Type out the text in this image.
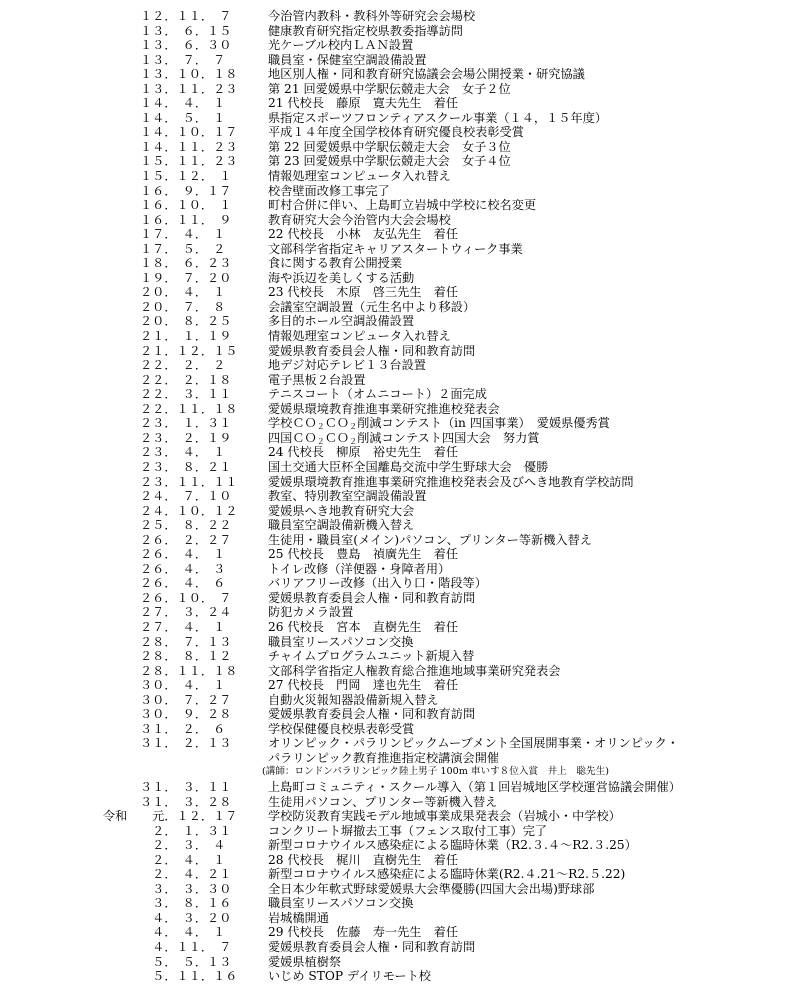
１２．１１．　７	今治管内教科・教科外等研究会会場校
１３．　６．１５	健康教育研究指定校県教委指導訪問
１３．　６．３０	光ケーブル校内ＬＡＮ設置
１３．　７．　７	職員室・保健室空調設備設置
１３．１０．１８	地区別人権・同和教育研究協議会会場公開授業・研究協議
１３．１１．２３	第 21 回愛媛県中学駅伝競走大会　女子２位
１４．　４．　１	21 代校長　藤原　寛夫先生　着任
１４．　５．　１	県指定スポーツフロンティアスクール事業（１４，１５年度）
１４．１０．１７	平成１４年度全国学校体育研究優良校表彰受賞
１４．１１．２３	第 22 回愛媛県中学駅伝競走大会　女子３位
１５．１１．２３	第 23 回愛媛県中学駅伝競走大会　女子４位
１５．１２．　１	情報処理室コンピュータ入れ替え
１６．　９．１７	校舎壁面改修工事完了
１６．１０．　１	町村合併に伴い、上島町立岩城中学校に校名変更
１６．１１．　９	教育研究大会今治管内大会会場校
１７．　４．　１	22 代校長　小林　友弘先生　着任
１７．　５．　２	文部科学省指定キャリアスタートウィーク事業
１８．　６．２３	食に関する教育公開授業
１９．　７．２０	海や浜辺を美しくする活動
２０．　４．　１	23 代校長　木原　啓三先生　着任
２０．　７．　８	会議室空調設置（元生名中より移設）
２０．　８．２５	多目的ホール空調設備設置
２１．　１．１９	情報処理室コンピュータ入れ替え
２１．１２．１５	愛媛県教育委員会人権・同和教育訪問
２２．　２．　２	地デジ対応テレビ１３台設置
２２．　２．１８	電子黒板２台設置
２２．　３．１１	テニスコート（オムニコート）２面完成
２２．１１．１８	愛媛県環境教育推進事業研究推進校発表会
２３．　１．３１	学校ＣＯ$_2$ＣＯ$_2$削減コンテスト（in 四国事業）　愛媛県優秀賞
２３．　２．１９	四国ＣＯ$_2$ＣＯ$_2$削減コンテスト四国大会　努力賞
２３．　４．　１	24 代校長　柳原　裕史先生　着任
２３．　８．２１	国土交通大臣杯全国離島交流中学生野球大会　優勝
２３．１１．１１	愛媛県環境教育推進事業研究推進校発表会及びへき地教育学校訪問
２４．　７．１０	教室、特別教室空調設備設置
２４．１０．１２	愛媛県へき地教育研究大会
２５．　８．２２	職員室空調設備新機入替え
２６．　２．２７	生徒用・職員室(メイン)パソコン、プリンター等新機入替え
２６．　４．　１	25 代校長　豊島　禎廣先生　着任
２６．　４．　３	トイレ改修（洋便器・身障者用）
２６．　４．　６	バリアフリー改修（出入り口・階段等）
２６．１０．　７	愛媛県教育委員会人権・同和教育訪問
２７．　３．２４	防犯カメラ設置
２７．　４．　１	26 代校長　宮本　直樹先生　着任
２８．　７．１３	職員室リースパソコン交換
２８．　８．１２	チャイムプログラムユニット新規入替
２８．１１．１８	文部科学省指定人権教育総合推進地域事業研究発表会
３０．　４．　１	27 代校長　門岡　達也先生　着任
３０．　７．２７	自動火災報知器設備新規入替え
３０．　９．２８	愛媛県教育委員会人権・同和教育訪問
３１．　２．　６	学校保健優良校県表彰受賞
３１．　２．１３	オリンピック・パラリンピックムーブメント全国展開事業・オリンピック・
パラリンピック教育推進指定校講演会開催
(講師：ロンドンパラリンピック陸上男子 100m 車いす８位入賞　井上　聡先生)
３１．　３．１１	上島町コミュニティ・スクール導入（第１回岩城地区学校運営協議会開催）
３１．　３．２８	生徒用パソコン、プリンター等新機入替え
令和 　元．１２．１７	学校防災教育実践モデル地域事業成果発表会（岩城小・中学校）
　２．　１．３１	コンクリート塀撤去工事（フェンス取付工事）完了
　２．　３．　４	新型コロナウイルス感染症による臨時休業（R2.３.４～R2.３.25）
　２．　４．　１	28 代校長　梶川　直樹先生　着任
　２．　４．２１	新型コロナウイルス感染症による臨時休業(R2.４.21～R2.５.22)
　３．　３．３０	全日本少年軟式野球愛媛県大会準優勝(四国大会出場)野球部
　３．　８．１６	職員室リースパソコン交換
　４．　３．２０	岩城橋開通
　４．　４．　１	29 代校長　佐藤　寿一先生　着任
　４．１１．　７	愛媛県教育委員会人権・同和教育訪問
　５．　５．１３	愛媛県植樹祭
　５．１１．１６	いじめ STOP デイリモート校
